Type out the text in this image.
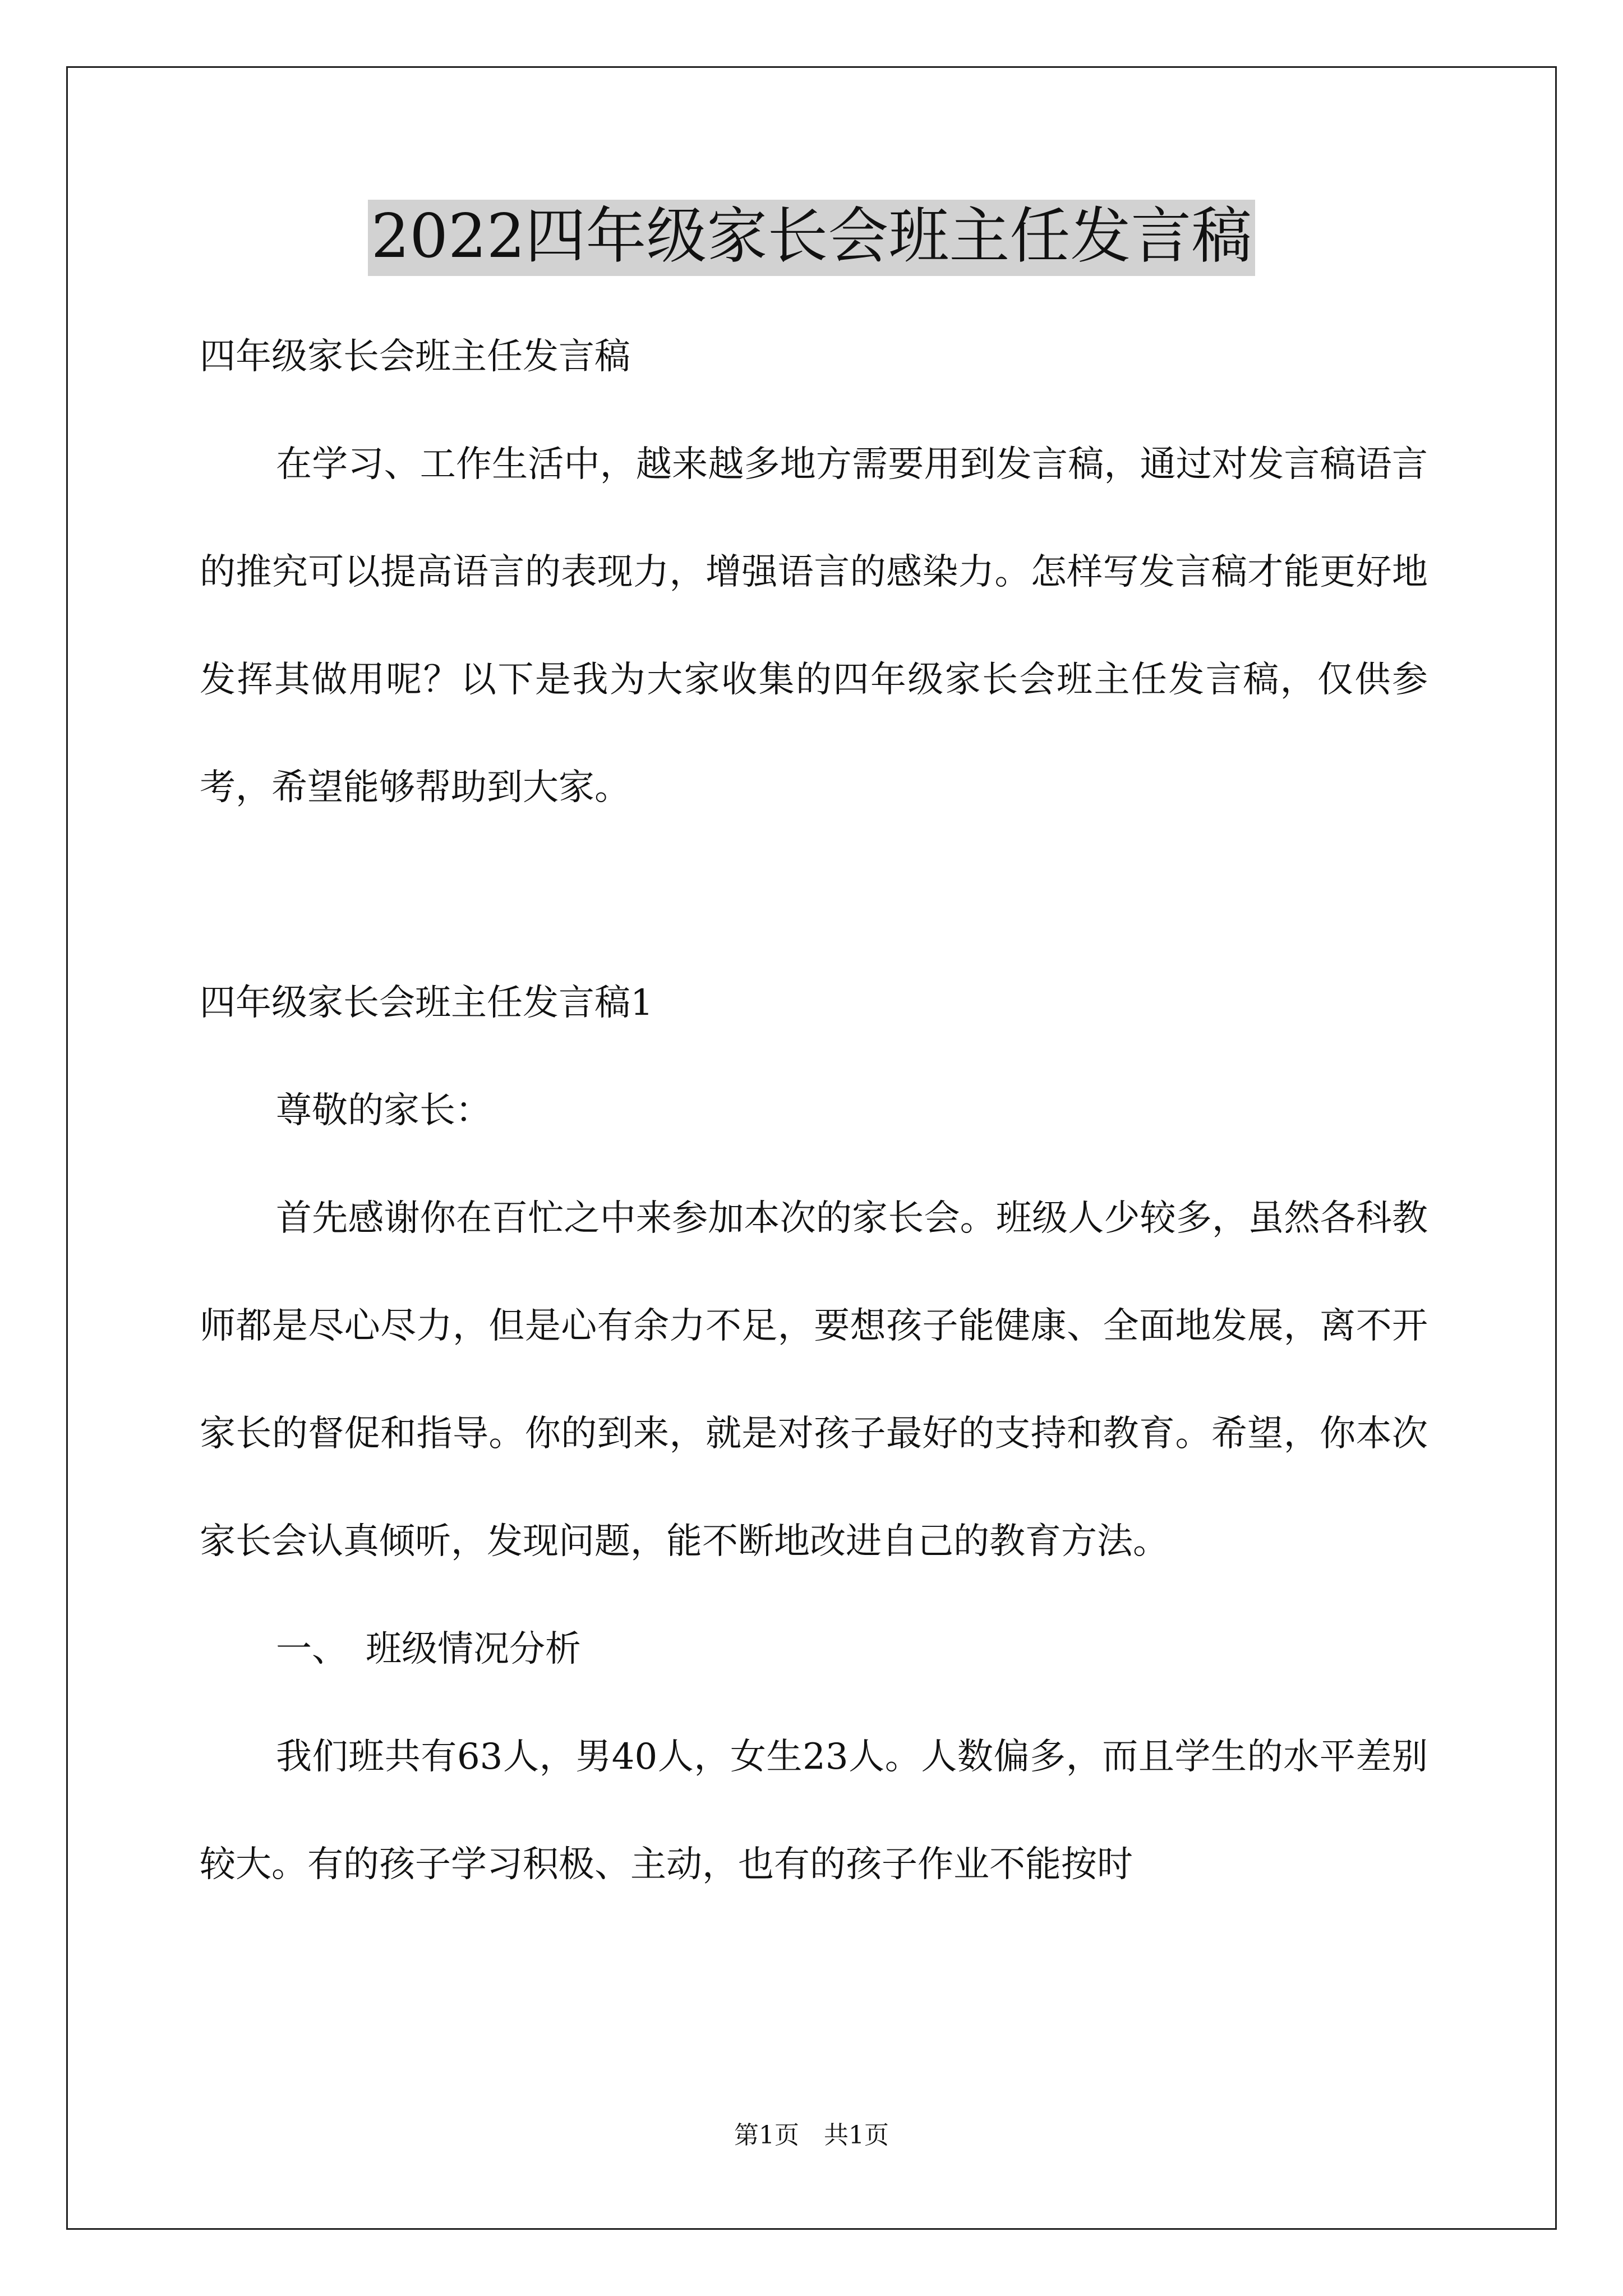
2022四年级家长会班主任发言稿

四年级家长会班主任发言稿

在学习、工作生活中，越来越多地方需要用到发言稿，通过对发言稿语言的推究可以提高语言的表现力，增强语言的感染力。怎样写发言稿才能更好地发挥其做用呢？以下是我为大家收集的四年级家长会班主任发言稿，仅供参考，希望能够帮助到大家。

四年级家长会班主任发言稿1

尊敬的家长：

首先感谢你在百忙之中来参加本次的家长会。班级人少较多，虽然各科教师都是尽心尽力，但是心有余力不足，要想孩子能健康、全面地发展，离不开家长的督促和指导。你的到来，就是对孩子最好的支持和教育。希望，你本次家长会认真倾听，发现问题，能不断地改进自己的教育方法。

一、　班级情况分析

我们班共有63人，男40人，女生23人。人数偏多，而且学生的水平差别较大。有的孩子学习积极、主动，也有的孩子作业不能按时

第1页　共1页
